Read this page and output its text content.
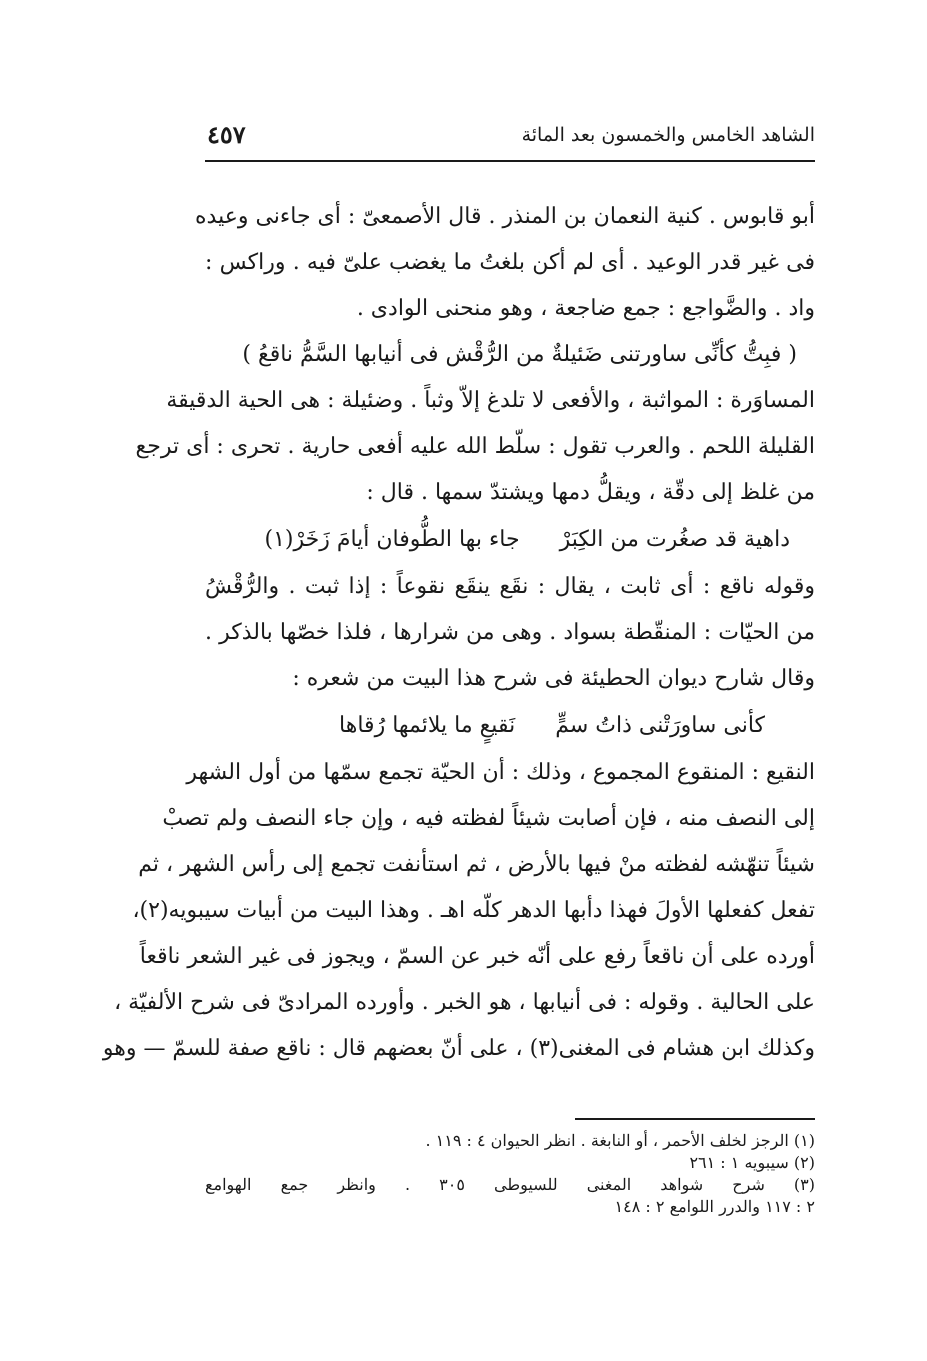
الشاهد الخامس والخمسون بعد المائة
٤٥٧
أبو قابوس . كنية النعمان بن المنذر . قال الأصمعىّ : أى جاءنى وعيده
فى غير قدر الوعيد . أى لم أكن بلغتُ ما يغضب علىّ فيه . وراكس :
واد . والضَّواجع : جمع ضاجعة ، وهو منحنى الوادى .
( فبِتُّ كأنِّى ساورتنى ضَئيلةٌ من الرُّقْش فى أنيابها السَّمُّ ناقعُ )
المساوَرة : المواثبة ، والأفعى لا تلدغ إلاّ وثباً . وضئيلة : هى الحية الدقيقة
القليلة اللحم . والعرب تقول : سلّط الله عليه أفعى حارية . تحرى : أى ترجع
من غلظ إلى دقّة ، ويقلُّ دمها ويشتدّ سمها . قال :
داهية قد صغُرت من الكِبَرْ
جاء بها الطُّوفان أيامَ زَخَرْ(١)
وقوله ناقع : أى ثابت ، يقال : نقَع ينقَع نقوعاً : إذا ثبت . والرُّقْشُ
من الحيّات : المنقّطة بسواد . وهى من شرارها ، فلذا خصّها بالذكر .
وقال شارح ديوان الحطيئة فى شرح هذا البيت من شعره :
كأنى ساورَتْنى ذاتُ سمٍّ
نَقيعٍ ما يلائمها رُقاها
النقيع : المنقوع المجموع ، وذلك : أن الحيّة تجمع سمّها من أول الشهر
إلى النصف منه ، فإن أصابت شيئاً لفظته فيه ، وإن جاء النصف ولم تصبْ
شيئاً تنهّشه لفظته منْ فيها بالأرض ، ثم استأنفت تجمع إلى رأس الشهر ، ثم
تفعل كفعلها الأولَ فهذا دأبها الدهر كلّه اهـ . وهذا البيت من أبيات سيبويه(٢)،
أورده على أن ناقعاً رفع على أنّه خبر عن السمّ ، ويجوز فى غير الشعر ناقعاً
على الحالية . وقوله : فى أنيابها ، هو الخبر . وأورده المرادىّ فى شرح الألفيّة ،
وكذلك ابن هشام فى المغنى(٣) ، على أنّ بعضهم قال : ناقع صفة للسمّ — وهو
(١) الرجز لخلف الأحمر ، أو النابغة . انظر الحيوان ٤ : ١١٩ .
(٢) سيبويه ١ : ٢٦١
(٣) شرح شواهد المغنى للسيوطى ٣٠٥ . وانظر جمع الهوامع
٢ : ١١٧ والدرر اللوامع ٢ : ١٤٨
